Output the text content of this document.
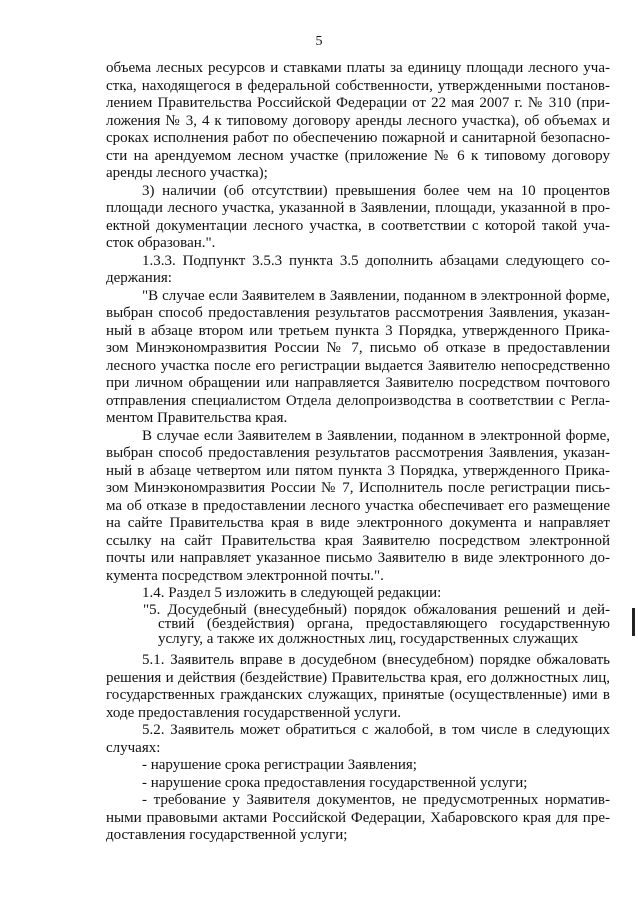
5
объема лесных ресурсов и ставками платы за единицу площади лесного уча-
стка, находящегося в федеральной собственности, утвержденными постанов-
лением Правительства Российской Федерации от 22 мая 2007 г. № 310 (при-
ложения № 3, 4 к типовому договору аренды лесного участка), об объемах и
сроках исполнения работ по обеспечению пожарной и санитарной безопасно-
сти на арендуемом лесном участке (приложение № 6 к типовому договору
аренды лесного участка);
3) наличии (об отсутствии) превышения более чем на 10 процентов
площади лесного участка, указанной в Заявлении, площади, указанной в про-
ектной документации лесного участка, в соответствии с которой такой уча-
сток образован.".
1.3.3. Подпункт 3.5.3 пункта 3.5 дополнить абзацами следующего со-
держания:
"В случае если Заявителем в Заявлении, поданном в электронной форме,
выбран способ предоставления результатов рассмотрения Заявления, указан-
ный в абзаце втором или третьем пункта 3 Порядка, утвержденного Прика-
зом Минэкономразвития России № 7, письмо об отказе в предоставлении
лесного участка после его регистрации выдается Заявителю непосредственно
при личном обращении или направляется Заявителю посредством почтового
отправления специалистом Отдела делопроизводства в соответствии с Регла-
ментом Правительства края.
В случае если Заявителем в Заявлении, поданном в электронной форме,
выбран способ предоставления результатов рассмотрения Заявления, указан-
ный в абзаце четвертом или пятом пункта 3 Порядка, утвержденного Прика-
зом Минэкономразвития России № 7, Исполнитель после регистрации пись-
ма об отказе в предоставлении лесного участка обеспечивает его размещение
на сайте Правительства края в виде электронного документа и направляет
ссылку на сайт Правительства края Заявителю посредством электронной
почты или направляет указанное письмо Заявителю в виде электронного до-
кумента посредством электронной почты.".
1.4. Раздел 5 изложить в следующей редакции:
"5. Досудебный (внесудебный) порядок обжалования решений и дей-
ствий (бездействия) органа, предоставляющего государственную
услугу, а также их должностных лиц, государственных служащих
5.1. Заявитель вправе в досудебном (внесудебном) порядке обжаловать
решения и действия (бездействие) Правительства края, его должностных лиц,
государственных гражданских служащих, принятые (осуществленные) ими в
ходе предоставления государственной услуги.
5.2. Заявитель может обратиться с жалобой, в том числе в следующих
случаях:
- нарушение срока регистрации Заявления;
- нарушение срока предоставления государственной услуги;
- требование у Заявителя документов, не предусмотренных норматив-
ными правовыми актами Российской Федерации, Хабаровского края для пре-
доставления государственной услуги;
